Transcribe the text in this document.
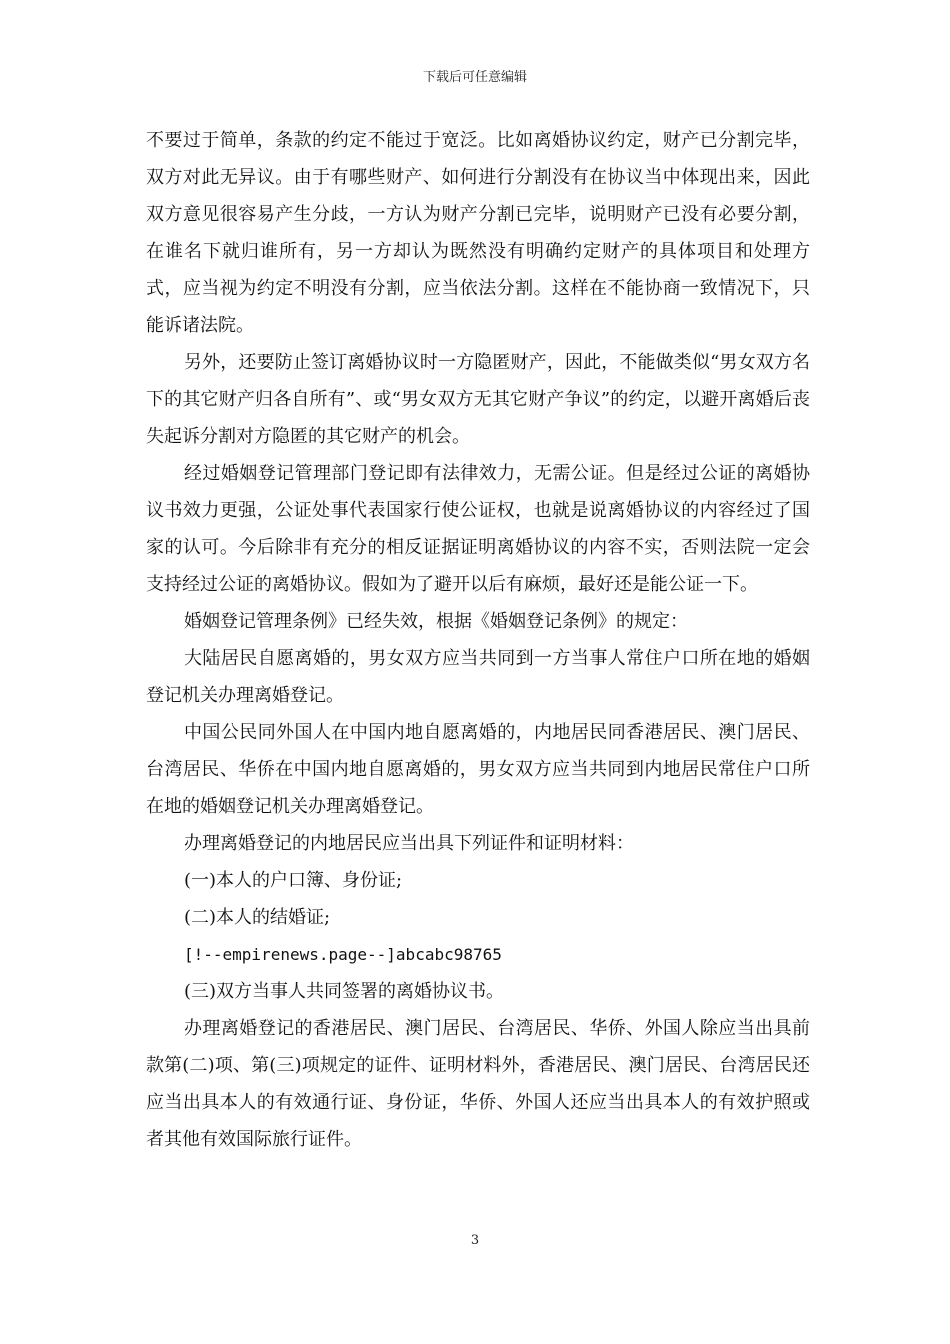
下载后可任意编辑

不要过于简单，条款的约定不能过于宽泛。比如离婚协议约定，财产已分割完毕，双方对此无异议。由于有哪些财产、如何进行分割没有在协议当中体现出来，因此双方意见很容易产生分歧，一方认为财产分割已完毕，说明财产已没有必要分割，在谁名下就归谁所有，另一方却认为既然没有明确约定财产的具体项目和处理方式，应当视为约定不明没有分割，应当依法分割。这样在不能协商一致情况下，只能诉诸法院。

另外，还要防止签订离婚协议时一方隐匿财产，因此，不能做类似“男女双方名下的其它财产归各自所有”、或“男女双方无其它财产争议”的约定，以避开离婚后丧失起诉分割对方隐匿的其它财产的机会。

经过婚姻登记管理部门登记即有法律效力，无需公证。但是经过公证的离婚协议书效力更强，公证处事代表国家行使公证权，也就是说离婚协议的内容经过了国家的认可。今后除非有充分的相反证据证明离婚协议的内容不实，否则法院一定会支持经过公证的离婚协议。假如为了避开以后有麻烦，最好还是能公证一下。

婚姻登记管理条例》已经失效，根据《婚姻登记条例》的规定：

大陆居民自愿离婚的，男女双方应当共同到一方当事人常住户口所在地的婚姻登记机关办理离婚登记。

中国公民同外国人在中国内地自愿离婚的，内地居民同香港居民、澳门居民、台湾居民、华侨在中国内地自愿离婚的，男女双方应当共同到内地居民常住户口所在地的婚姻登记机关办理离婚登记。

办理离婚登记的内地居民应当出具下列证件和证明材料：

(一)本人的户口簿、身份证;

(二)本人的结婚证;

[!--empirenews.page--]abcabc98765

(三)双方当事人共同签署的离婚协议书。

办理离婚登记的香港居民、澳门居民、台湾居民、华侨、外国人除应当出具前款第(二)项、第(三)项规定的证件、证明材料外，香港居民、澳门居民、台湾居民还应当出具本人的有效通行证、身份证，华侨、外国人还应当出具本人的有效护照或者其他有效国际旅行证件。

3
